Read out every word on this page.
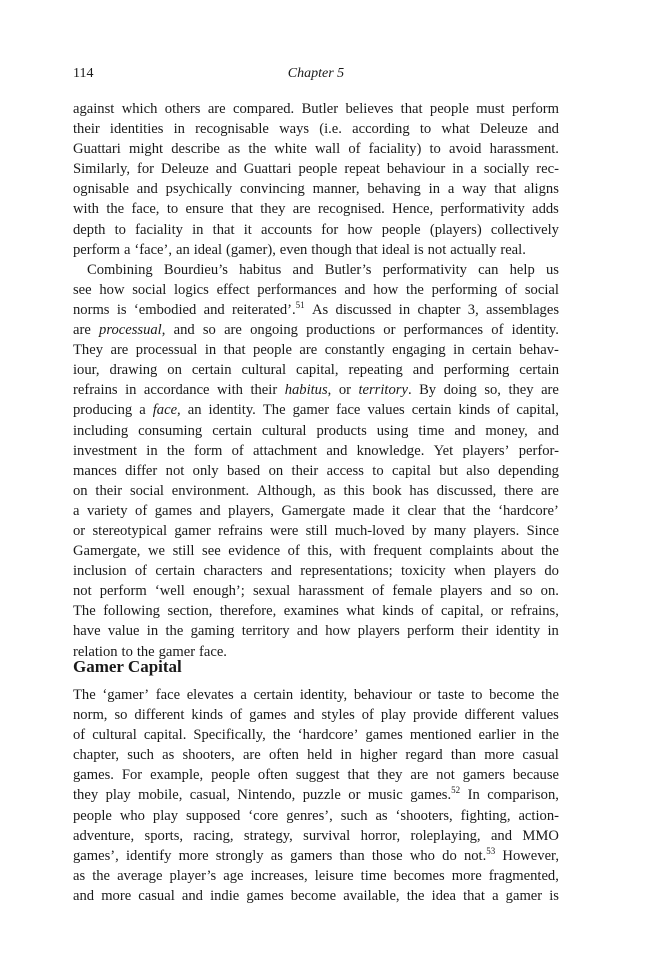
114	Chapter 5
against which others are compared. Butler believes that people must perform
their identities in recognisable ways (i.e. according to what Deleuze and
Guattari might describe as the white wall of faciality) to avoid harassment.
Similarly, for Deleuze and Guattari people repeat behaviour in a socially rec-
ognisable and psychically convincing manner, behaving in a way that aligns
with the face, to ensure that they are recognised. Hence, performativity adds
depth to faciality in that it accounts for how people (players) collectively
perform a ‘face’, an ideal (gamer), even though that ideal is not actually real.
Combining Bourdieu’s habitus and Butler’s performativity can help us
see how social logics effect performances and how the performing of social
norms is ‘embodied and reiterated’.$^{51}$ As discussed in chapter 3, assemblages
are processual, and so are ongoing productions or performances of identity.
They are processual in that people are constantly engaging in certain behav-
iour, drawing on certain cultural capital, repeating and performing certain
refrains in accordance with their habitus, or territory. By doing so, they are
producing a face, an identity. The gamer face values certain kinds of capital,
including consuming certain cultural products using time and money, and
investment in the form of attachment and knowledge. Yet players’ perfor-
mances differ not only based on their access to capital but also depending
on their social environment. Although, as this book has discussed, there are
a variety of games and players, Gamergate made it clear that the ‘hardcore’
or stereotypical gamer refrains were still much-loved by many players. Since
Gamergate, we still see evidence of this, with frequent complaints about the
inclusion of certain characters and representations; toxicity when players do
not perform ‘well enough’; sexual harassment of female players and so on.
The following section, therefore, examines what kinds of capital, or refrains,
have value in the gaming territory and how players perform their identity in
relation to the gamer face.
Gamer Capital
The ‘gamer’ face elevates a certain identity, behaviour or taste to become the
norm, so different kinds of games and styles of play provide different values
of cultural capital. Specifically, the ‘hardcore’ games mentioned earlier in the
chapter, such as shooters, are often held in higher regard than more casual
games. For example, people often suggest that they are not gamers because
they play mobile, casual, Nintendo, puzzle or music games.$^{52}$ In comparison,
people who play supposed ‘core genres’, such as ‘shooters, fighting, action-
adventure, sports, racing, strategy, survival horror, roleplaying, and MMO
games’, identify more strongly as gamers than those who do not.$^{53}$ However,
as the average player’s age increases, leisure time becomes more fragmented,
and more casual and indie games become available, the idea that a gamer is
